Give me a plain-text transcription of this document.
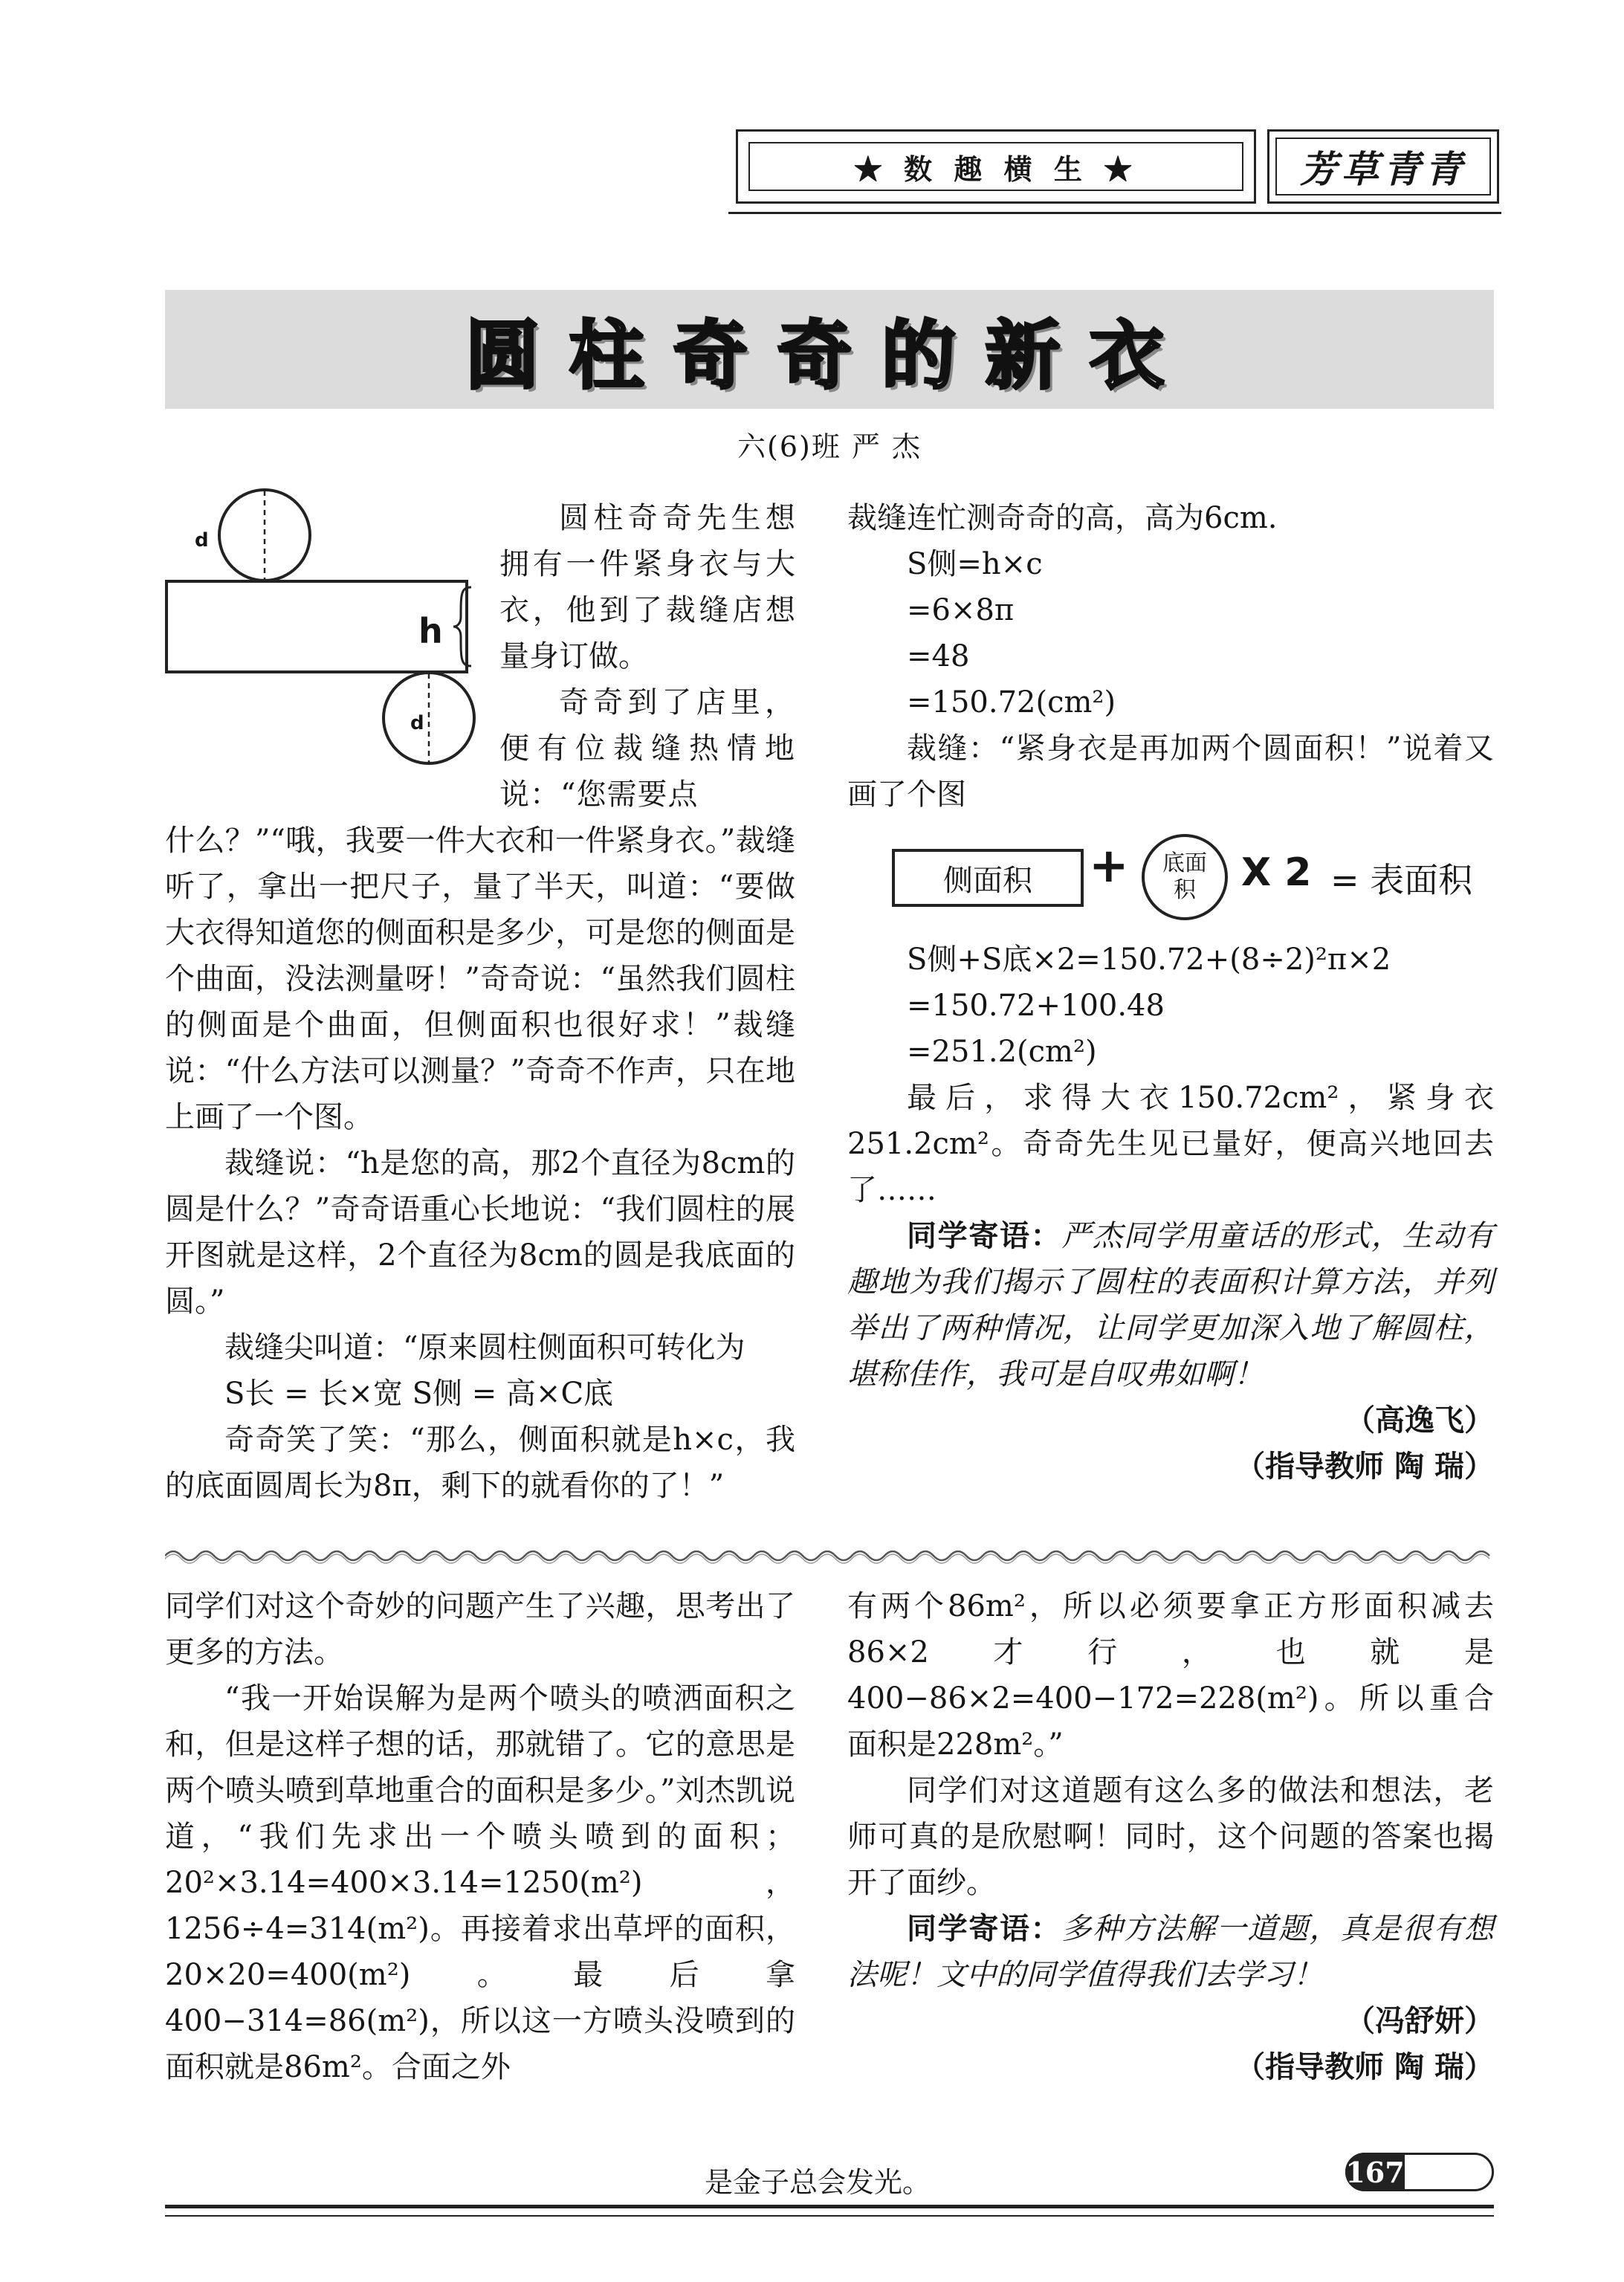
★ 数 趣 横 生 ★	芳草青青
圆柱奇奇的新衣
六(6)班 严 杰
d
h
d

圆柱奇奇先生想拥有一件紧身衣与大衣，他到了裁缝店想量身订做。

奇奇到了店里，便有位裁缝热情地说：“您需要点

什么？”“哦，我要一件大衣和一件紧身衣。”裁缝听了，拿出一把尺子，量了半天，叫道：“要做大衣得知道您的侧面积是多少，可是您的侧面是个曲面，没法测量呀！”奇奇说：“虽然我们圆柱的侧面是个曲面，但侧面积也很好求！”裁缝说：“什么方法可以测量？”奇奇不作声，只在地上画了一个图。

裁缝说：“h是您的高，那2个直径为8cm的圆是什么？”奇奇语重心长地说：“我们圆柱的展开图就是这样，2个直径为8cm的圆是我底面的圆。”

裁缝尖叫道：“原来圆柱侧面积可转化为

S长 = 长×宽 S侧 = 高×C底

奇奇笑了笑：“那么，侧面积就是h×c，我的底面圆周长为8π，剩下的就看你的了！”

裁缝连忙测奇奇的高，高为6cm.

S侧=h×c

=6×8π

=48

=150.72(cm²)

裁缝：“紧身衣是再加两个圆面积！”说着又画了个图

侧面积	+ 底面
积 X 2 = 表面积

S侧+S底×2=150.72+(8÷2)²π×2

=150.72+100.48

=251.2(cm²)

最后，求得大衣150.72cm²，紧身衣251.2cm²。奇奇先生见已量好，便高兴地回去了……

同学寄语：严杰同学用童话的形式，生动有趣地为我们揭示了圆柱的表面积计算方法，并列举出了两种情况，让同学更加深入地了解圆柱，堪称佳作，我可是自叹弗如啊！

（高逸飞）

（指导教师 陶 瑞）

同学们对这个奇妙的问题产生了兴趣，思考出了更多的方法。

“我一开始误解为是两个喷头的喷洒面积之和，但是这样子想的话，那就错了。它的意思是两个喷头喷到草地重合的面积是多少。”刘杰凯说道，“我们先求出一个喷头喷到的面积；20²×3.14=400×3.14=1250(m²)，1256÷4=314(m²)。再接着求出草坪的面积，20×20=400(m²)。最后拿400−314=86(m²)，所以这一方喷头没喷到的面积就是86m²。合面之外

有两个86m²，所以必须要拿正方形面积减去86×2才行，也就是400−86×2=400−172=228(m²)。所以重合面积是228m²。”

同学们对这道题有这么多的做法和想法，老师可真的是欣慰啊！同时，这个问题的答案也揭开了面纱。

同学寄语：多种方法解一道题，真是很有想法呢！文中的同学值得我们去学习！

（冯舒妍）

（指导教师 陶 瑞）

是金子总会发光。	167
